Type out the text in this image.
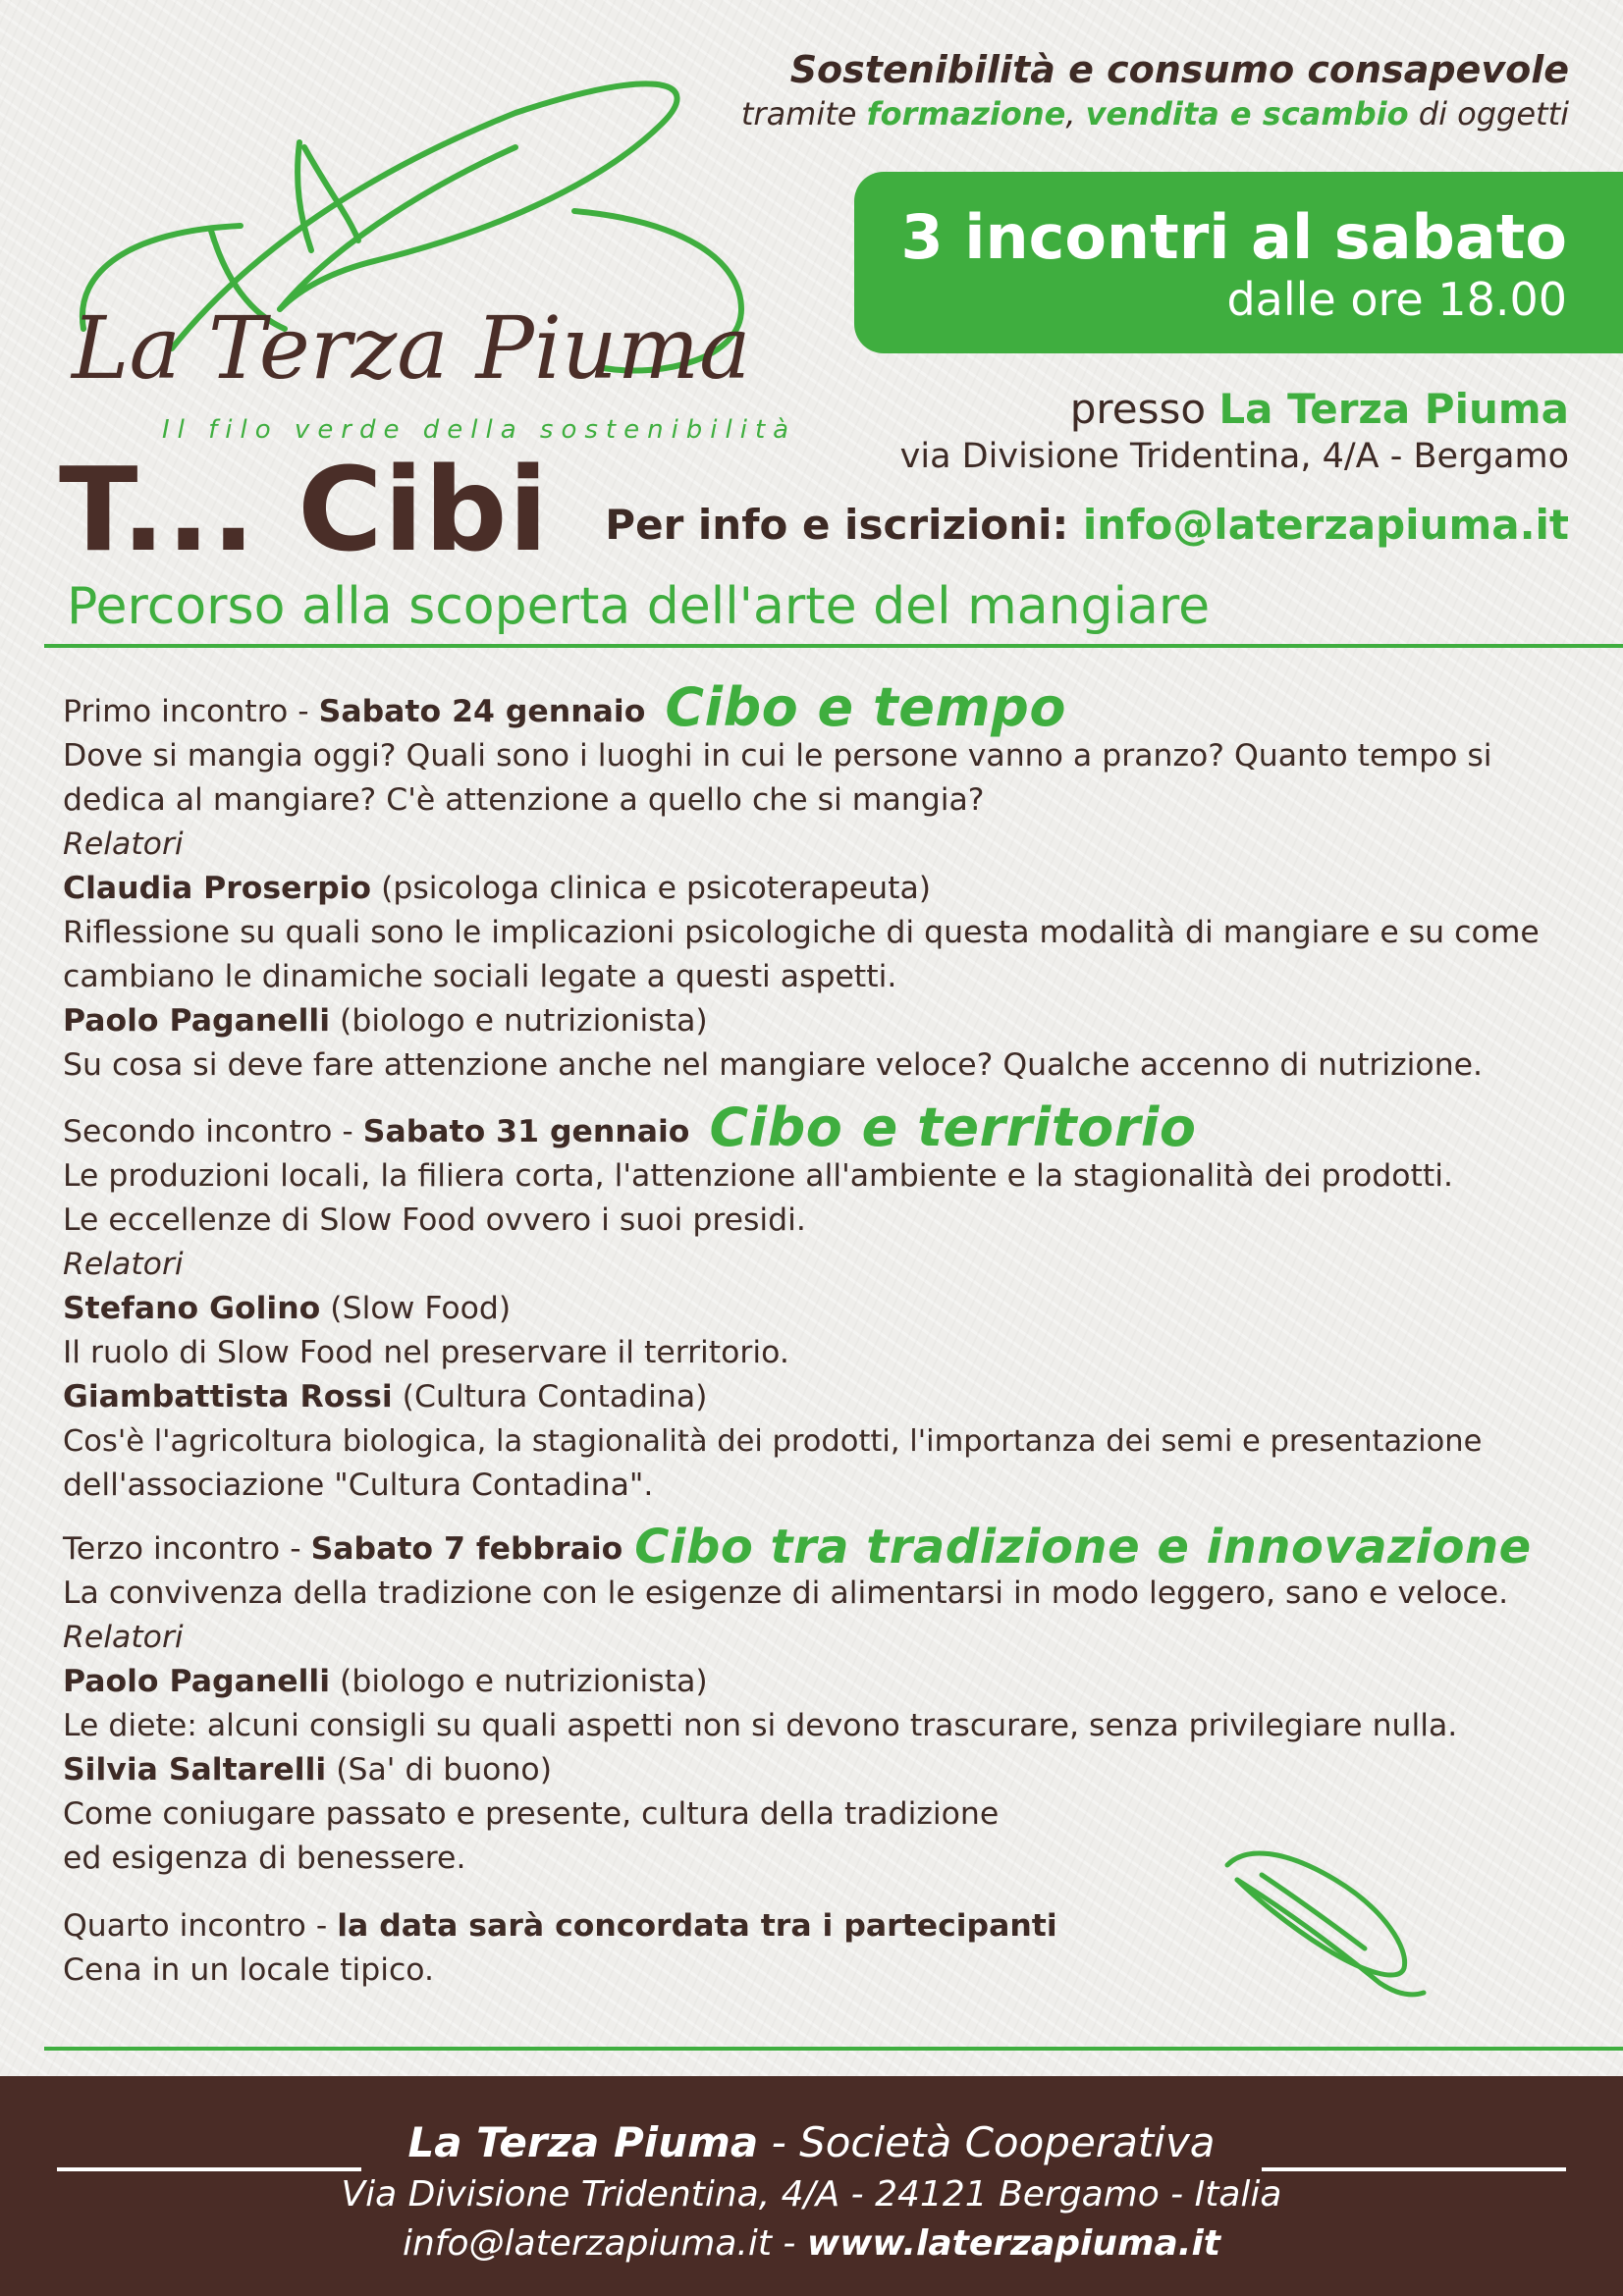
La Terza Piuma
Il filo verde della sostenibilità
T... Cibi
Percorso alla scoperta dell'arte del mangiare
Sostenibilità e consumo consapevole
tramite formazione, vendita e scambio di oggetti
3 incontri al sabato
dalle ore 18.00
presso La Terza Piuma
via Divisione Tridentina, 4/A - Bergamo
Per info e iscrizioni: info@laterzapiuma.it
Primo incontro - Sabato 24 gennaio Cibo e tempo
Dove si mangia oggi? Quali sono i luoghi in cui le persone vanno a pranzo? Quanto tempo si
dedica al mangiare? C'è attenzione a quello che si mangia?
Relatori
Claudia Proserpio (psicologa clinica e psicoterapeuta)
Riflessione su quali sono le implicazioni psicologiche di questa modalità di mangiare e su come
cambiano le dinamiche sociali legate a questi aspetti.
Paolo Paganelli (biologo e nutrizionista)
Su cosa si deve fare attenzione anche nel mangiare veloce? Qualche accenno di nutrizione.
Secondo incontro - Sabato 31 gennaio Cibo e territorio
Le produzioni locali, la filiera corta, l'attenzione all'ambiente e la stagionalità dei prodotti.
Le eccellenze di Slow Food ovvero i suoi presidi.
Relatori
Stefano Golino (Slow Food)
Il ruolo di Slow Food nel preservare il territorio.
Giambattista Rossi (Cultura Contadina)
Cos'è l'agricoltura biologica, la stagionalità dei prodotti, l'importanza dei semi e presentazione
dell'associazione "Cultura Contadina".
Terzo incontro - Sabato 7 febbraio Cibo tra tradizione e innovazione
La convivenza della tradizione con le esigenze di alimentarsi in modo leggero, sano e veloce.
Relatori
Paolo Paganelli (biologo e nutrizionista)
Le diete: alcuni consigli su quali aspetti non si devono trascurare, senza privilegiare nulla.
Silvia Saltarelli (Sa' di buono)
Come coniugare passato e presente, cultura della tradizione
ed esigenza di benessere.
Quarto incontro - la data sarà concordata tra i partecipanti
Cena in un locale tipico.
La Terza Piuma - Società Cooperativa
Via Divisione Tridentina, 4/A - 24121 Bergamo - Italia
info@laterzapiuma.it - www.laterzapiuma.it
